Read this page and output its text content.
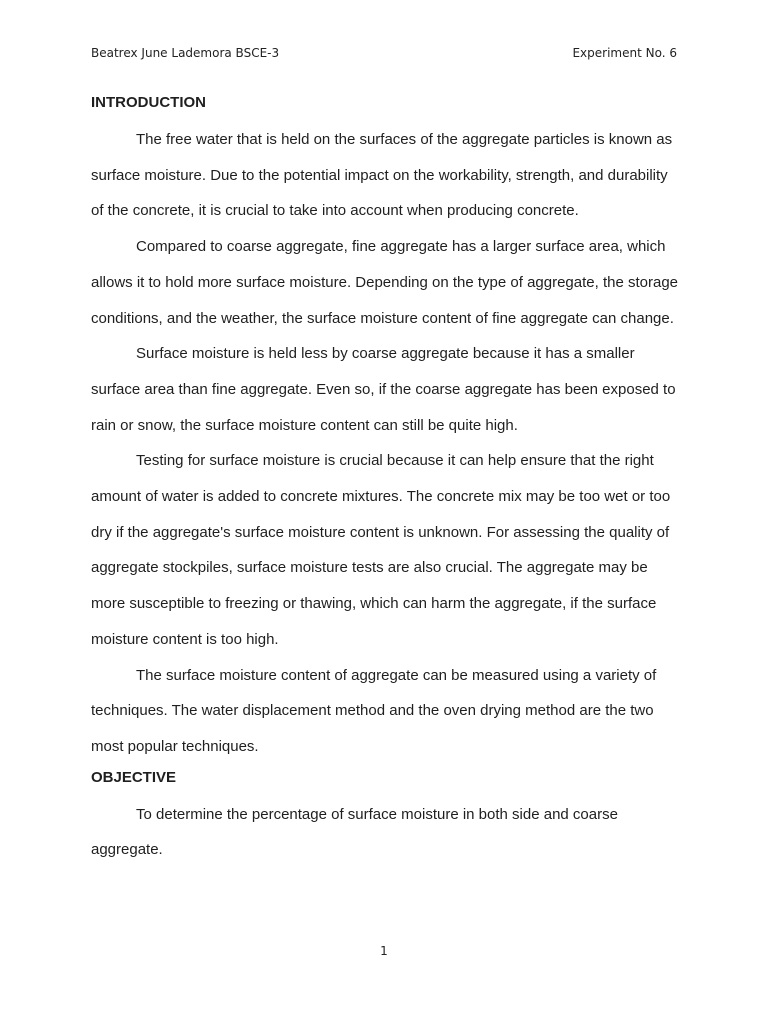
Beatrex June Lademora BSCE-3	Experiment No. 6
INTRODUCTION

The free water that is held on the surfaces of the aggregate particles is known as surface moisture. Due to the potential impact on the workability, strength, and durability of the concrete, it is crucial to take into account when producing concrete.

Compared to coarse aggregate, fine aggregate has a larger surface area, which allows it to hold more surface moisture. Depending on the type of aggregate, the storage conditions, and the weather, the surface moisture content of fine aggregate can change.

Surface moisture is held less by coarse aggregate because it has a smaller surface area than fine aggregate. Even so, if the coarse aggregate has been exposed to rain or snow, the surface moisture content can still be quite high.

Testing for surface moisture is crucial because it can help ensure that the right amount of water is added to concrete mixtures. The concrete mix may be too wet or too dry if the aggregate's surface moisture content is unknown. For assessing the quality of aggregate stockpiles, surface moisture tests are also crucial. The aggregate may be more susceptible to freezing or thawing, which can harm the aggregate, if the surface moisture content is too high.

The surface moisture content of aggregate can be measured using a variety of techniques. The water displacement method and the oven drying method are the two most popular techniques.

OBJECTIVE

To determine the percentage of surface moisture in both side and coarse aggregate.

1
